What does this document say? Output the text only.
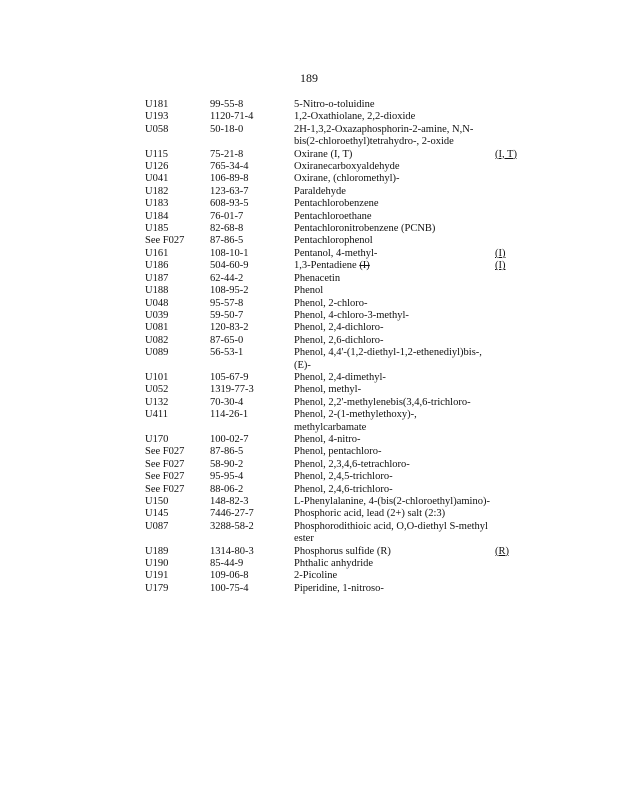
189
U181	99-55-8	5-Nitro-o-toluidine
U193	1120-71-4	1,2-Oxathiolane, 2,2-dioxide
U058	50-18-0	2H-1,3,2-Oxazaphosphorin-2-amine, N,N-bis(2-chloroethyl)tetrahydro-, 2-oxide
U115	75-21-8	Oxirane (I, T)	(I, T)
U126	765-34-4	Oxiranecarboxyaldehyde
U041	106-89-8	Oxirane, (chloromethyl)-
U182	123-63-7	Paraldehyde
U183	608-93-5	Pentachlorobenzene
U184	76-01-7	Pentachloroethane
U185	82-68-8	Pentachloronitrobenzene (PCNB)
See F027	87-86-5	Pentachlorophenol
U161	108-10-1	Pentanol, 4-methyl-	(I)
U186	504-60-9	1,3-Pentadiene (I)	(I)
U187	62-44-2	Phenacetin
U188	108-95-2	Phenol
U048	95-57-8	Phenol, 2-chloro-
U039	59-50-7	Phenol, 4-chloro-3-methyl-
U081	120-83-2	Phenol, 2,4-dichloro-
U082	87-65-0	Phenol, 2,6-dichloro-
U089	56-53-1	Phenol, 4,4'-(1,2-diethyl-1,2-ethenediyl)bis-, (E)-
U101	105-67-9	Phenol, 2,4-dimethyl-
U052	1319-77-3	Phenol, methyl-
U132	70-30-4	Phenol, 2,2'-methylenebis(3,4,6-trichloro-
U411	114-26-1	Phenol, 2-(1-methylethoxy)-, methylcarbamate
U170	100-02-7	Phenol, 4-nitro-
See F027	87-86-5	Phenol, pentachloro-
See F027	58-90-2	Phenol, 2,3,4,6-tetrachloro-
See F027	95-95-4	Phenol, 2,4,5-trichloro-
See F027	88-06-2	Phenol, 2,4,6-trichloro-
U150	148-82-3	L-Phenylalanine, 4-(bis(2-chloroethyl)amino)-
U145	7446-27-7	Phosphoric acid, lead (2+) salt (2:3)
U087	3288-58-2	Phosphorodithioic acid, O,O-diethyl S-methyl ester
U189	1314-80-3	Phosphorus sulfide (R)	(R)
U190	85-44-9	Phthalic anhydride
U191	109-06-8	2-Picoline
U179	100-75-4	Piperidine, 1-nitroso-
